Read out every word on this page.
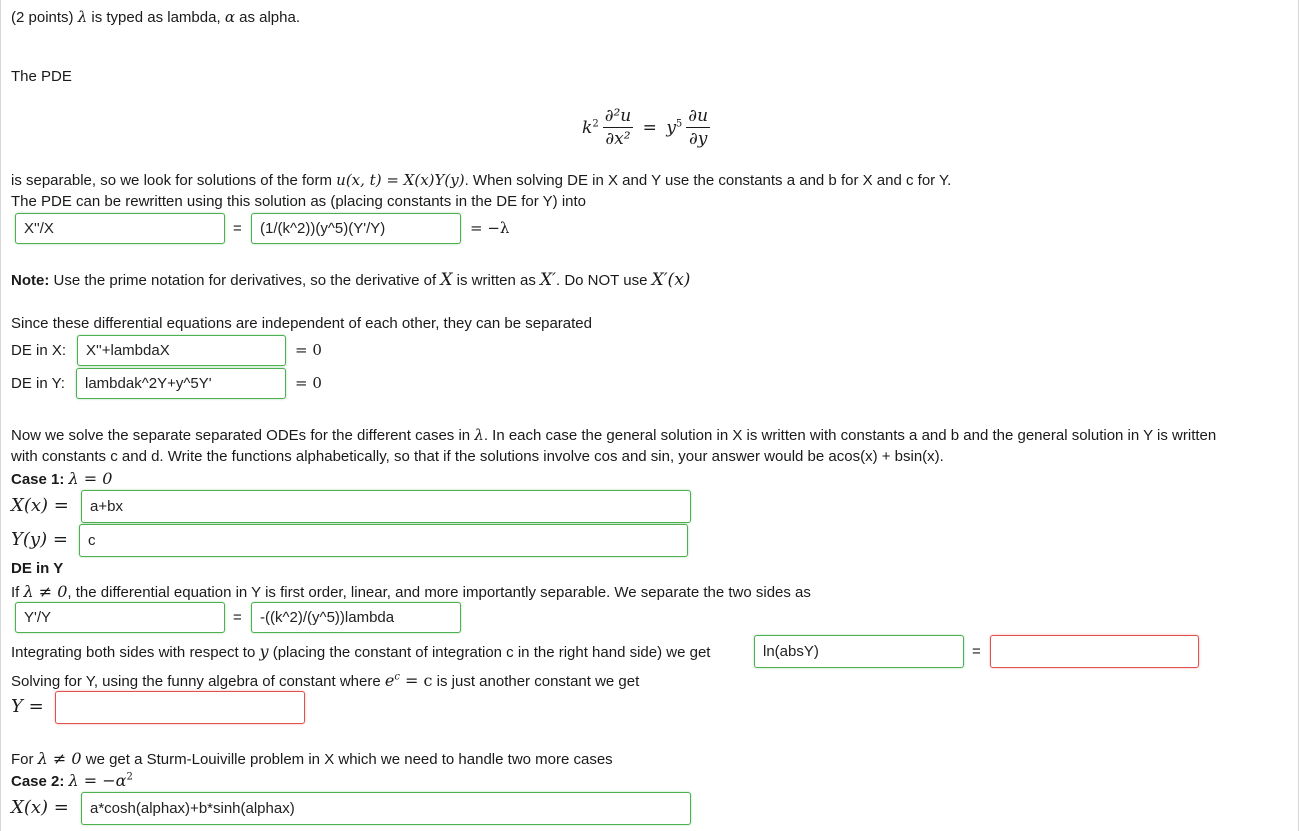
(2 points) λ is typed as lambda, α as alpha.
The PDE
$k^2 \frac{\text{∂²u}}{\text{∂x²}} = y^5 \frac{\partial u}{\partial y}$
is separable, so we look for solutions of the form u(x, t) = X(x)Y(y). When solving DE in X and Y use the constants a and b for X and c for Y.
The PDE can be rewritten using this solution as (placing constants in the DE for Y) into
X''/X	=	(1/(k^2))(y^5)(Y'/Y)	= −λ
Note: Use the prime notation for derivatives, so the derivative of X is written as X′. Do NOT use X′(x)
Since these differential equations are independent of each other, they can be separated
DE in X:	X''+lambdaX	= 0
DE in Y:	lambdak^2Y+y^5Y'	= 0
Now we solve the separate separated ODEs for the different cases in λ. In each case the general solution in X is written with constants a and b and the general solution in Y is written
with constants c and d. Write the functions alphabetically, so that if the solutions involve cos and sin, your answer would be acos(x) + bsin(x).
Case 1: λ = 0
X(x) =	a+bx
Y(y) =	c
DE in Y
If λ ≠ 0, the differential equation in Y is first order, linear, and more importantly separable. We separate the two sides as
Y'/Y	=	-((k^2)/(y^5))lambda
Integrating both sides with respect to y (placing the constant of integration c in the right hand side) we get	ln(absY)	=
Solving for Y, using the funny algebra of constant where $e^c = c$ is just another constant we get
Y =
For λ ≠ 0 we get a Sturm-Louiville problem in X which we need to handle two more cases
Case 2: $\lambda = -\alpha^2$
X(x) =	a*cosh(alphax)+b*sinh(alphax)
